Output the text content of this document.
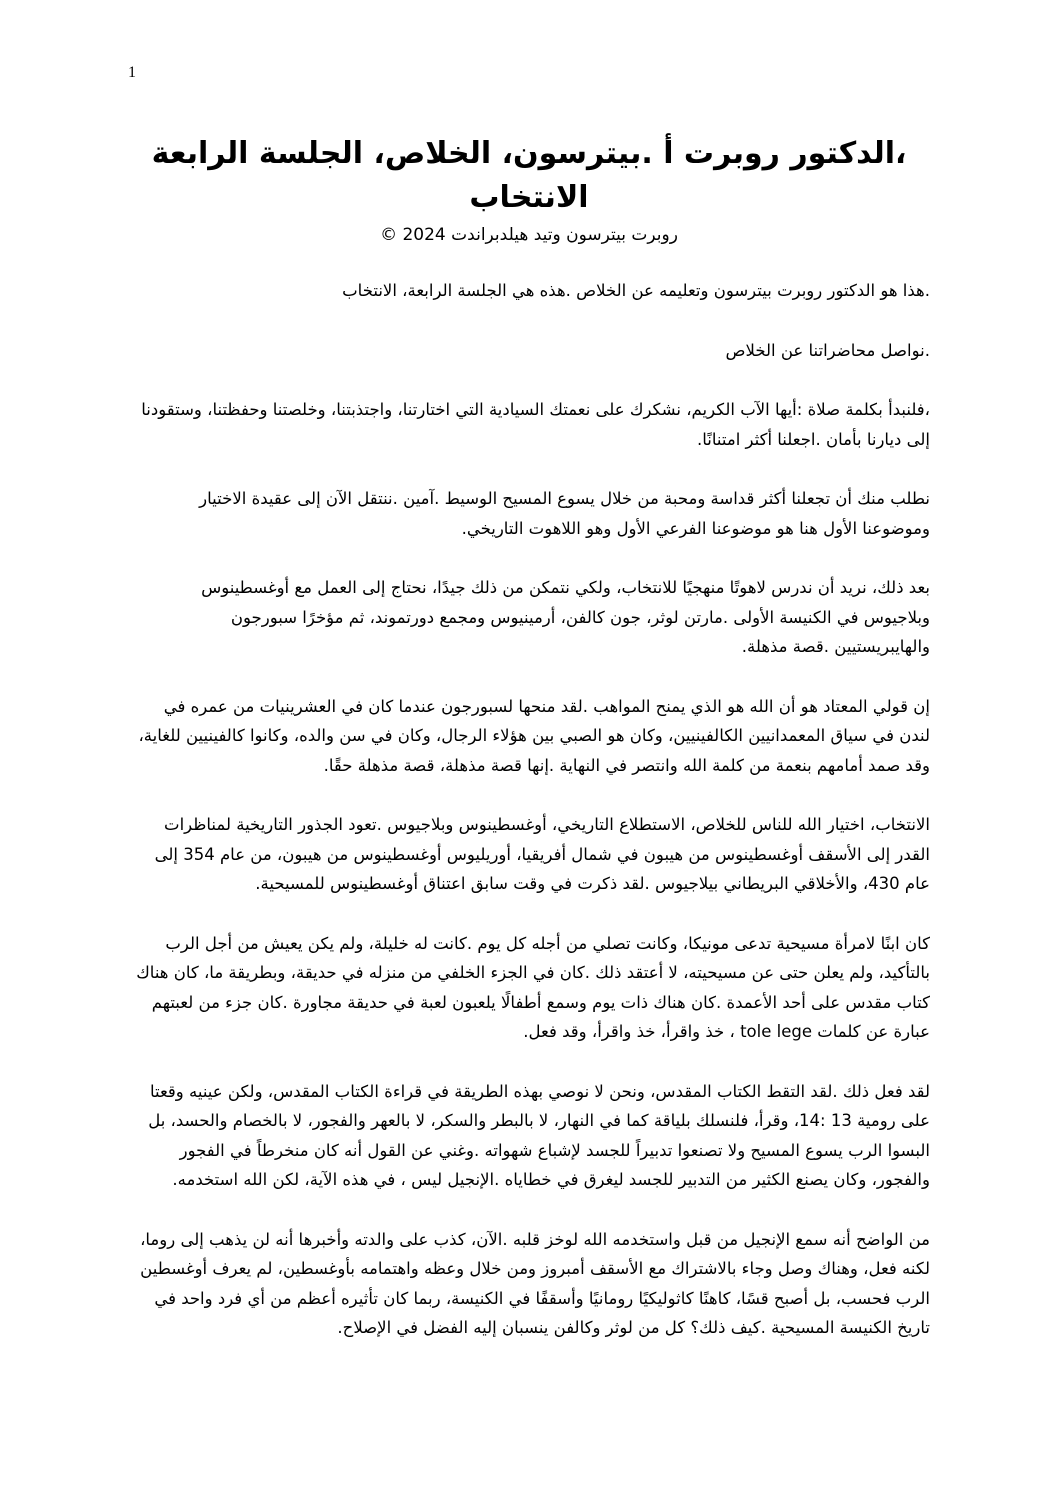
1
،الدكتور روبرت أ .بيترسون، الخلاص، الجلسة الرابعة
الانتخاب
روبرت بيترسون وتيد هيلدبراندت 2024 ©

.هذا هو الدكتور روبرت بيترسون وتعليمه عن الخلاص .هذه هي الجلسة الرابعة، الانتخاب

.نواصل محاضراتنا عن الخلاص

،فلنبدأ بكلمة صلاة :أيها الآب الكريم، نشكرك على نعمتك السيادية التي اختارتنا، واجتذبتنا، وخلصتنا وحفظتنا، وستقودنا إلى ديارنا بأمان .اجعلنا أكثر امتنانًا.

نطلب منك أن تجعلنا أكثر قداسة ومحبة من خلال يسوع المسيح الوسيط .آمين .ننتقل الآن إلى عقيدة الاختيار وموضوعنا الأول هنا هو موضوعنا الفرعي الأول وهو اللاهوت التاريخي.

بعد ذلك، نريد أن ندرس لاهوتًا منهجيًا للانتخاب، ولكي نتمكن من ذلك جيدًا، نحتاج إلى العمل مع أوغسطينوس وبلاجيوس في الكنيسة الأولى .مارتن لوثر، جون كالفن، أرمينيوس ومجمع دورتموند، ثم مؤخرًا سبورجون والهايبريستيين .قصة مذهلة.

إن قولي المعتاد هو أن الله هو الذي يمنح المواهب .لقد منحها لسبورجون عندما كان في العشرينيات من عمره في لندن في سياق المعمدانيين الكالفينيين، وكان هو الصبي بين هؤلاء الرجال، وكان في سن والده، وكانوا كالفينيين للغاية، وقد صمد أمامهم بنعمة من كلمة الله وانتصر في النهاية .إنها قصة مذهلة، قصة مذهلة حقًا.

الانتخاب، اختيار الله للناس للخلاص، الاستطلاع التاريخي، أوغسطينوس وبلاجيوس .تعود الجذور التاريخية لمناظرات القدر إلى الأسقف أوغسطينوس من هيبون في شمال أفريقيا، أوريليوس أوغسطينوس من هيبون، من عام 354 إلى عام 430، والأخلاقي البريطاني بيلاجيوس .لقد ذكرت في وقت سابق اعتناق أوغسطينوس للمسيحية.

كان ابنًا لامرأة مسيحية تدعى مونيكا، وكانت تصلي من أجله كل يوم .كانت له خليلة، ولم يكن يعيش من أجل الرب بالتأكيد، ولم يعلن حتى عن مسيحيته، لا أعتقد ذلك .كان في الجزء الخلفي من منزله في حديقة، وبطريقة ما، كان هناك كتاب مقدس على أحد الأعمدة .كان هناك ذات يوم وسمع أطفالًا يلعبون لعبة في حديقة مجاورة .كان جزء من لعبتهم عبارة عن كلمات tole lege ، خذ واقرأ، خذ واقرأ، وقد فعل.

لقد فعل ذلك .لقد التقط الكتاب المقدس، ونحن لا نوصي بهذه الطريقة في قراءة الكتاب المقدس، ولكن عينيه وقعتا على رومية 13 :14، وقرأ، فلنسلك بلياقة كما في النهار، لا بالبطر والسكر، لا بالعهر والفجور، لا بالخصام والحسد، بل البسوا الرب يسوع المسيح ولا تصنعوا تدبيراً للجسد لإشباع شهواته .وغني عن القول أنه كان منخرطاً في الفجور والفجور، وكان يصنع الكثير من التدبير للجسد ليغرق في خطاياه .الإنجيل ليس ، في هذه الآية، لكن الله استخدمه.

من الواضح أنه سمع الإنجيل من قبل واستخدمه الله لوخز قلبه .الآن، كذب على والدته وأخبرها أنه لن يذهب إلى روما، لكنه فعل، وهناك وصل وجاء بالاشتراك مع الأسقف أمبروز ومن خلال وعظه واهتمامه بأوغسطين، لم يعرف أوغسطين الرب فحسب، بل أصبح قسًا، كاهنًا كاثوليكيًا رومانيًا وأسقفًا في الكنيسة، ربما كان تأثيره أعظم من أي فرد واحد في تاريخ الكنيسة المسيحية .كيف ذلك؟ كل من لوثر وكالفن ينسبان إليه الفضل في الإصلاح.
